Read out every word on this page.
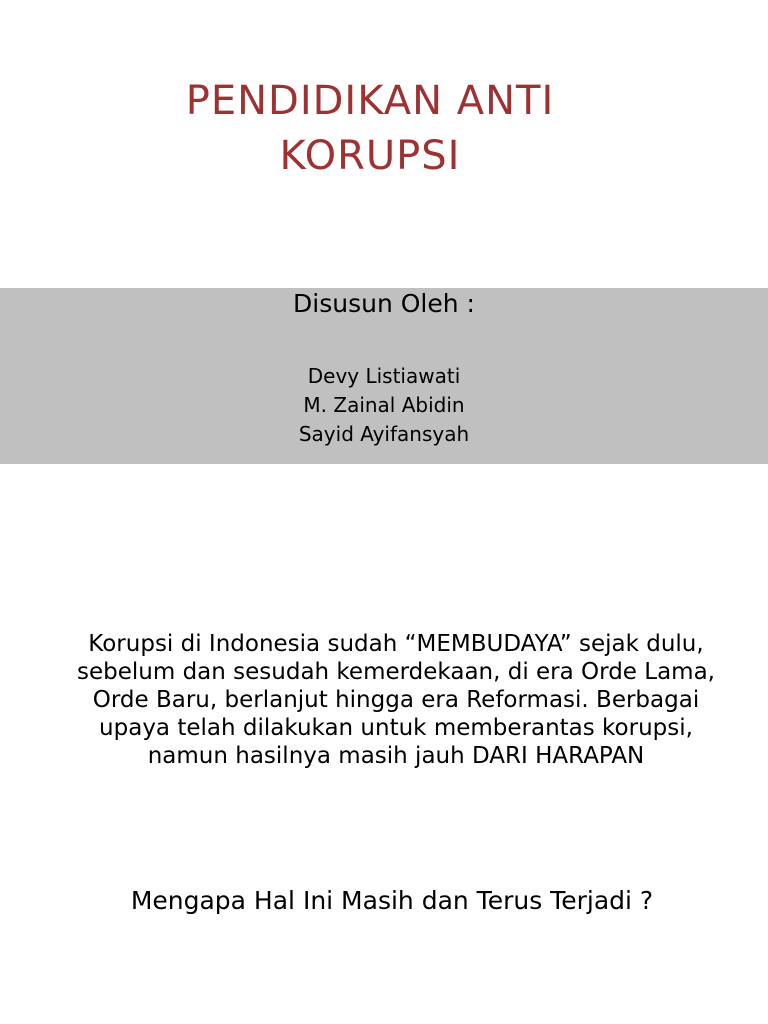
PENDIDIKAN ANTI
KORUPSI
Disusun Oleh :
Devy Listiawati
M. Zainal Abidin
Sayid Ayifansyah

Korupsi di Indonesia sudah “MEMBUDAYA” sejak dulu, sebelum dan sesudah kemerdekaan, di era Orde Lama, Orde Baru, berlanjut hingga era Reformasi. Berbagai upaya telah dilakukan untuk memberantas korupsi, namun hasilnya masih jauh DARI HARAPAN

Mengapa Hal Ini Masih dan Terus Terjadi ?
